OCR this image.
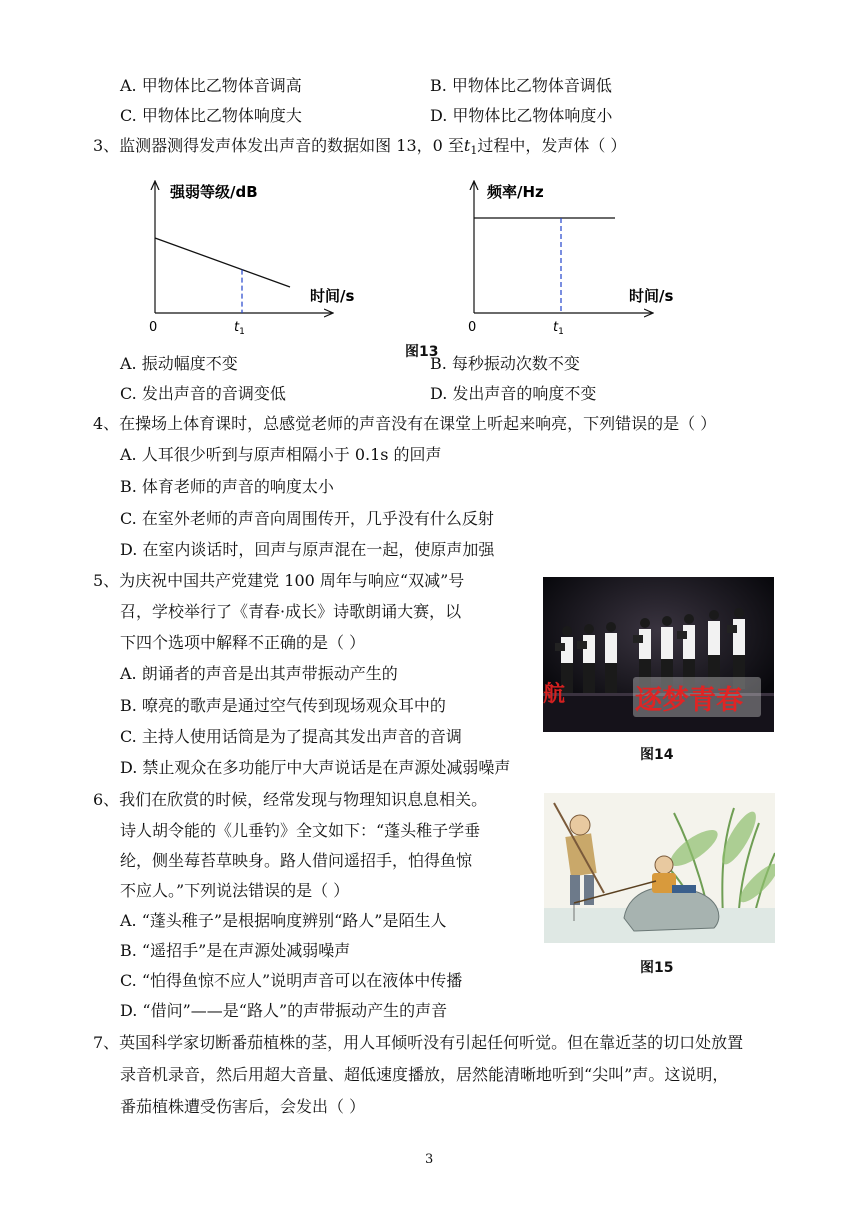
A. 甲物体比乙物体音调高	B. 甲物体比乙物体音调低
C. 甲物体比乙物体响度大	D. 甲物体比乙物体响度小
3、监测器测得发声体发出声音的数据如图 13，0 至$t_1$过程中，发声体（ ）
强弱等级/dB
时间/s
0	$t_1$
频率/Hz
时间/s
0	$t_1$
图13
A. 振动幅度不变	B. 每秒振动次数不变
C. 发出声音的音调变低	D. 发出声音的响度不变
4、在操场上体育课时，总感觉老师的声音没有在课堂上听起来响亮，下列错误的是（ ）
A. 人耳很少听到与原声相隔小于 0.1s 的回声
B. 体育老师的声音的响度太小
C. 在室外老师的声音向周围传开，几乎没有什么反射
D. 在室内谈话时，回声与原声混在一起，使原声加强
5、为庆祝中国共产党建党 100 周年与响应“双减”号
召，学校举行了《青春·成长》诗歌朗诵大赛，以
下四个选项中解释不正确的是（ ）
A. 朗诵者的声音是出其声带振动产生的
B. 嘹亮的歌声是通过空气传到现场观众耳中的
C. 主持人使用话筒是为了提高其发出声音的音调
D. 禁止观众在多功能厅中大声说话是在声源处减弱噪声
航	逐梦青春
图14
6、我们在欣赏的时候，经常发现与物理知识息息相关。
诗人胡令能的《儿垂钓》全文如下：“蓬头稚子学垂
纶，侧坐莓苔草映身。路人借问遥招手，怕得鱼惊
不应人。”下列说法错误的是（ ）
A. “蓬头稚子”是根据响度辨别“路人”是陌生人
B. “遥招手”是在声源处减弱噪声
C. “怕得鱼惊不应人”说明声音可以在液体中传播
D. “借问”——是“路人”的声带振动产生的声音
图15
7、英国科学家切断番茄植株的茎，用人耳倾听没有引起任何听觉。但在靠近茎的切口处放置
录音机录音，然后用超大音量、超低速度播放，居然能清晰地听到“尖叫”声。这说明，
番茄植株遭受伤害后，会发出（ ）
3
